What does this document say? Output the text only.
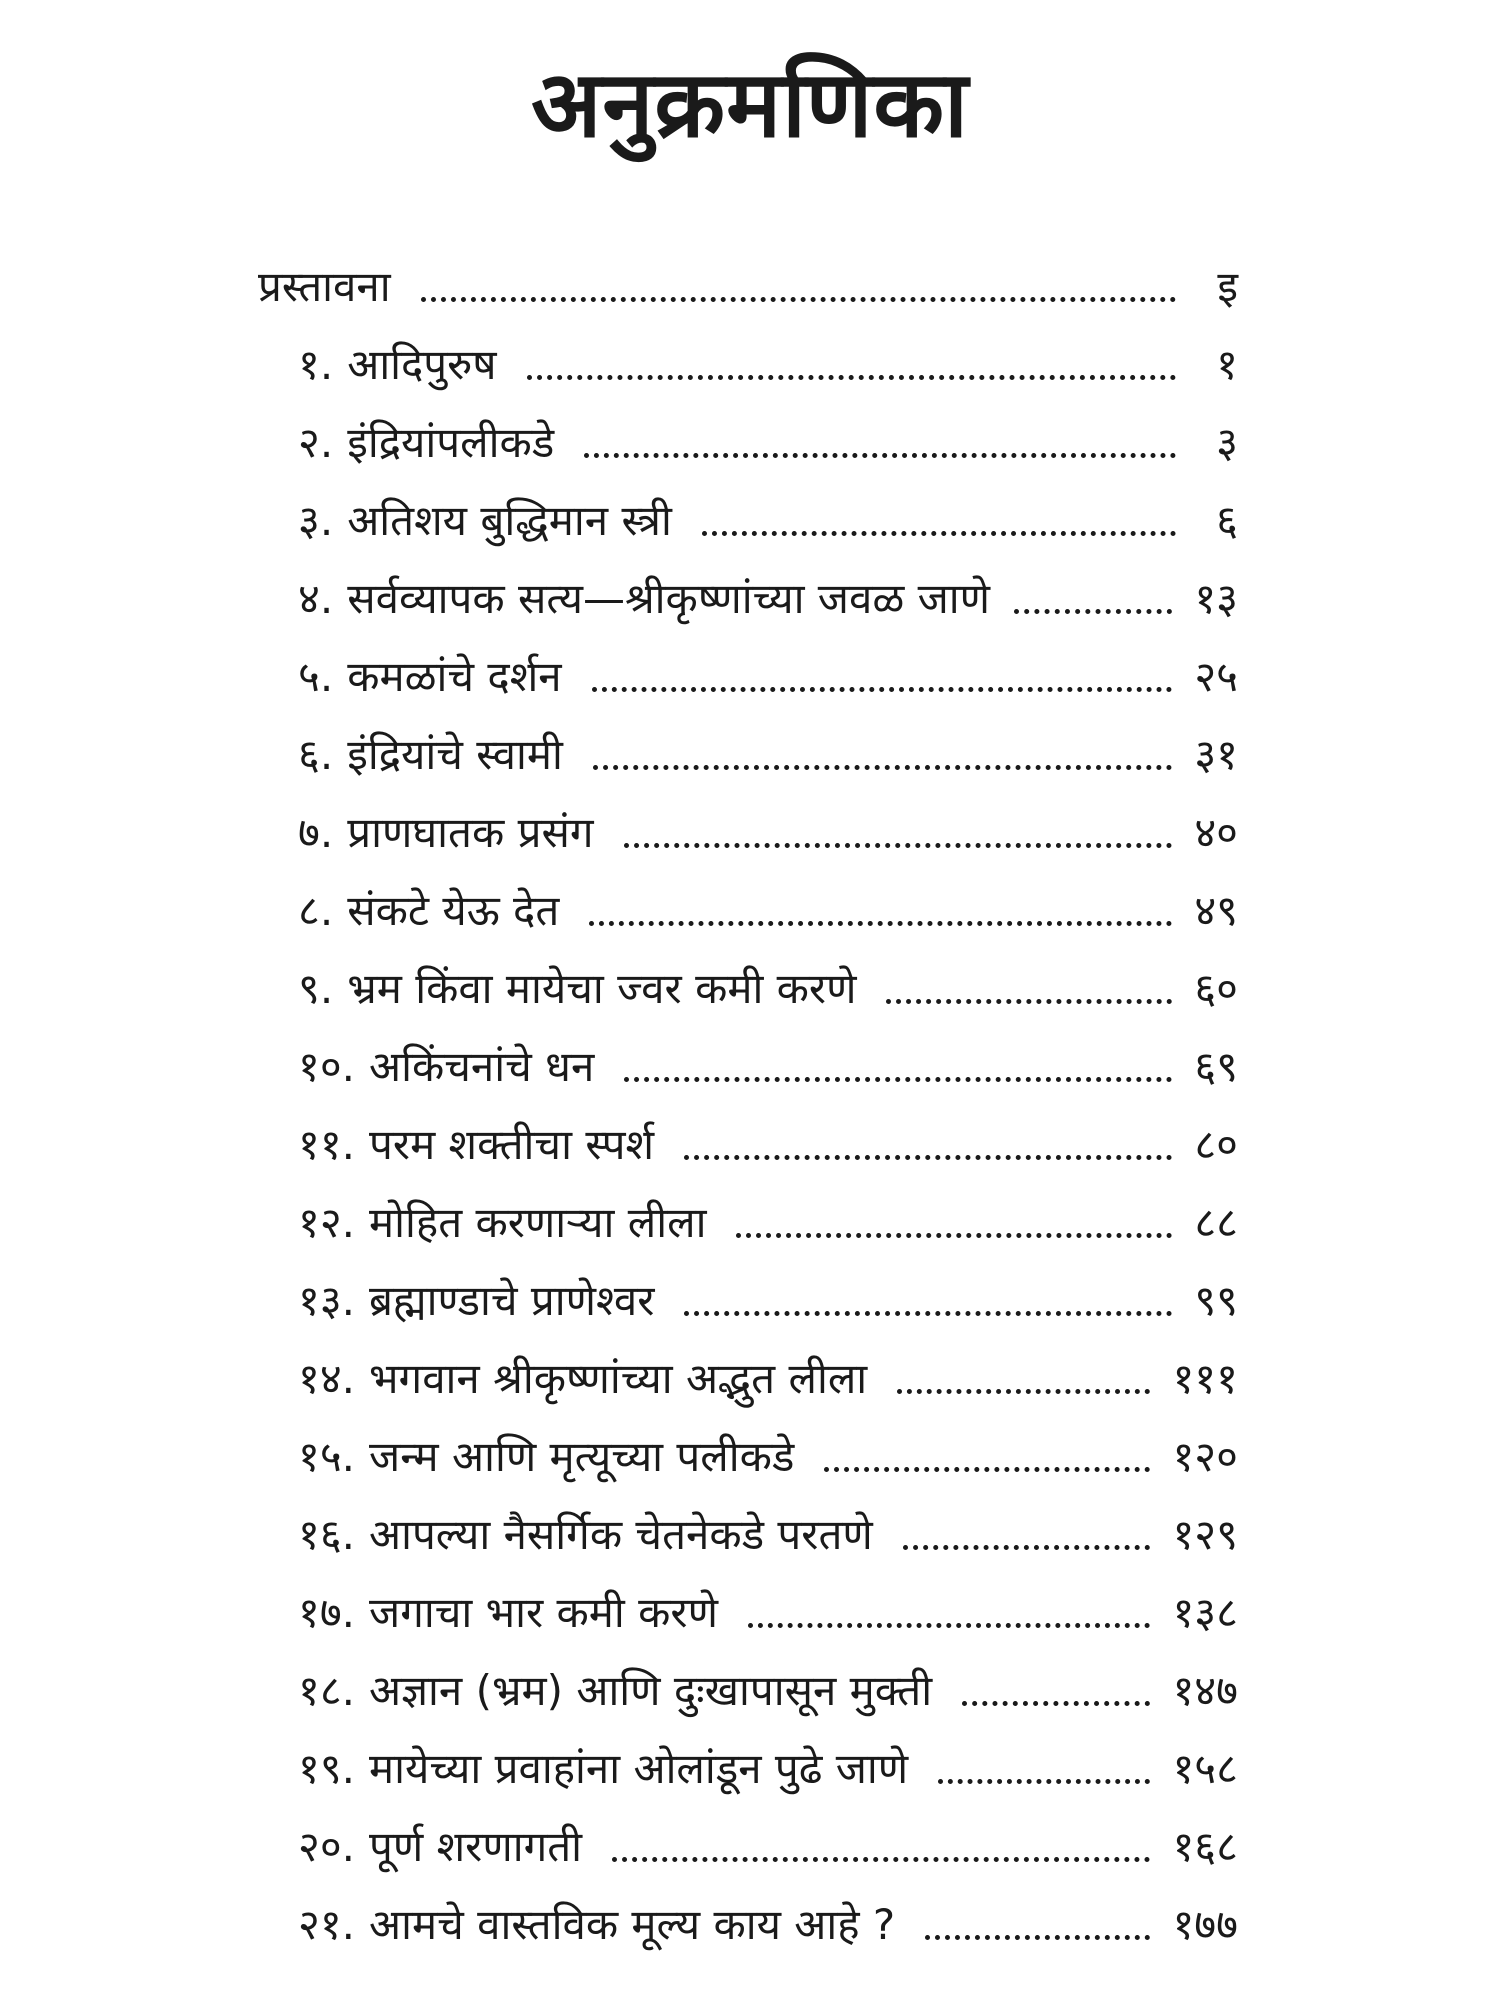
अनुक्रमणिका
प्रस्तावना	इ
१. आदिपुरुष	१
२. इंद्रियांपलीकडे	३
३. अतिशय बुद्धिमान स्त्री	६
४. सर्वव्यापक सत्य—श्रीकृष्णांच्या जवळ जाणे	१३
५. कमळांचे दर्शन	२५
६. इंद्रियांचे स्वामी	३१
७. प्राणघातक प्रसंग	४०
८. संकटे येऊ देत	४९
९. भ्रम किंवा मायेचा ज्वर कमी करणे	६०
१०. अकिंचनांचे धन	६९
११. परम शक्तीचा स्पर्श	८०
१२. मोहित करणाऱ्या लीला	८८
१३. ब्रह्माण्डाचे प्राणेश्वर	९९
१४. भगवान श्रीकृष्णांच्या अद्भुत लीला	१११
१५. जन्म आणि मृत्यूच्या पलीकडे	१२०
१६. आपल्या नैसर्गिक चेतनेकडे परतणे	१२९
१७. जगाचा भार कमी करणे	१३८
१८. अज्ञान (भ्रम) आणि दुःखापासून मुक्ती	१४७
१९. मायेच्या प्रवाहांना ओलांडून पुढे जाणे	१५८
२०. पूर्ण शरणागती	१६८
२१. आमचे वास्तविक मूल्य काय आहे ?	१७७
